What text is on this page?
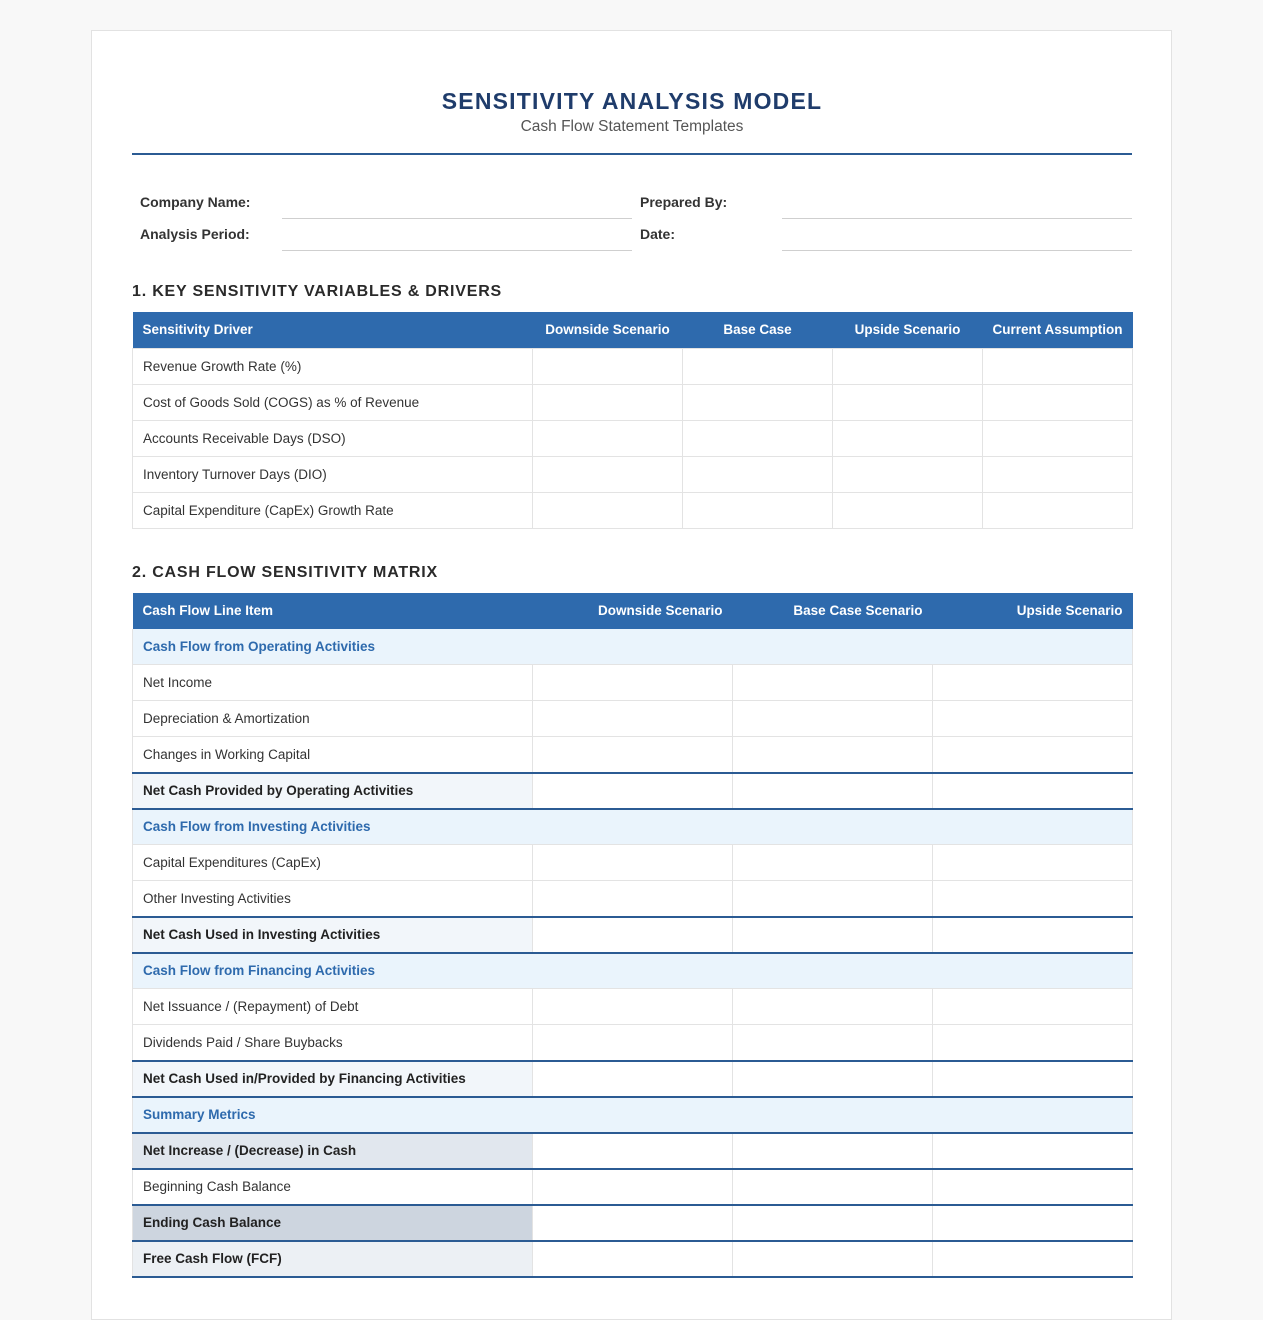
SENSITIVITY ANALYSIS MODEL
Cash Flow Statement Templates
Company Name:	Prepared By:
Analysis Period:	Date:
1. KEY SENSITIVITY VARIABLES & DRIVERS
Sensitivity Driver	Downside Scenario	Base Case	Upside Scenario	Current Assumption
Revenue Growth Rate (%)				
Cost of Goods Sold (COGS) as % of Revenue				
Accounts Receivable Days (DSO)				
Inventory Turnover Days (DIO)				
Capital Expenditure (CapEx) Growth Rate				
2. CASH FLOW SENSITIVITY MATRIX
Cash Flow Line Item	Downside Scenario	Base Case Scenario	Upside Scenario
Cash Flow from Operating Activities			
Net Income			
Depreciation & Amortization			
Changes in Working Capital			
Net Cash Provided by Operating Activities			
Cash Flow from Investing Activities			
Capital Expenditures (CapEx)			
Other Investing Activities			
Net Cash Used in Investing Activities			
Cash Flow from Financing Activities			
Net Issuance / (Repayment) of Debt			
Dividends Paid / Share Buybacks			
Net Cash Used in/Provided by Financing Activities			
Summary Metrics			
Net Increase / (Decrease) in Cash			
Beginning Cash Balance			
Ending Cash Balance			
Free Cash Flow (FCF)			
